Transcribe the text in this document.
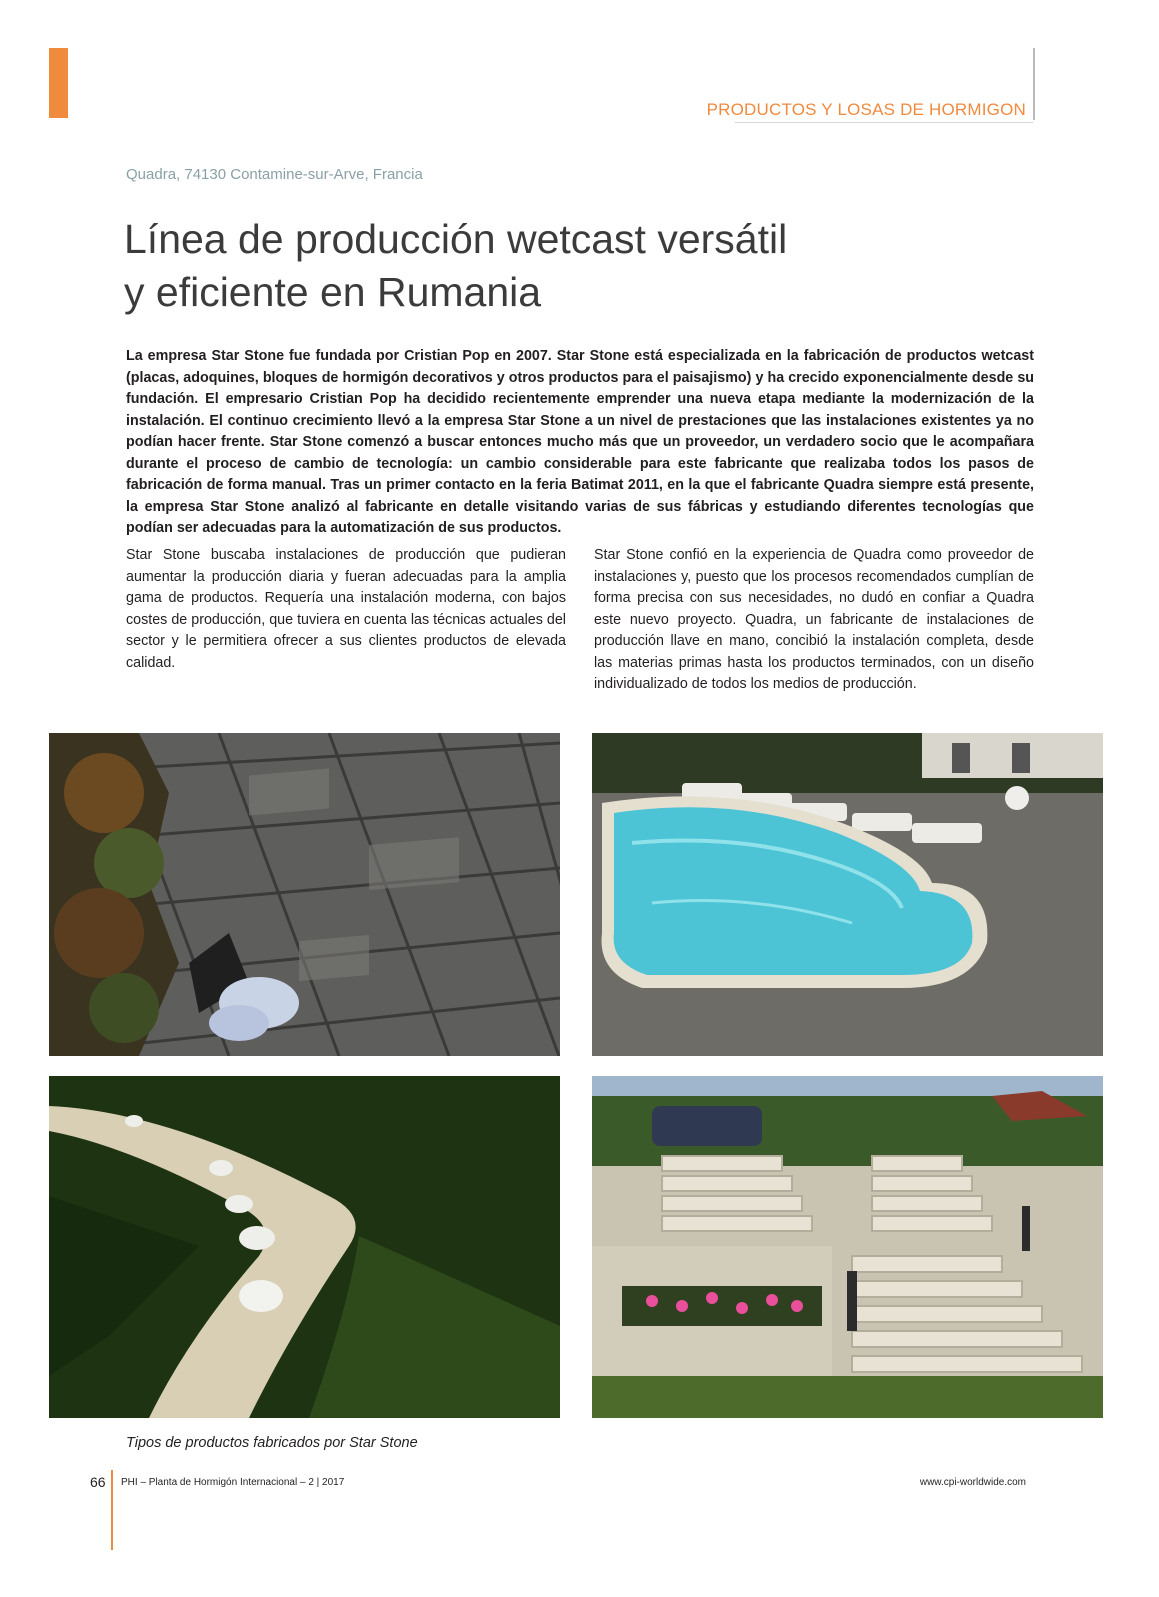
PRODUCTOS Y LOSAS DE HORMIGON
Quadra, 74130 Contamine-sur-Arve, Francia
Línea de producción wetcast versátil
y eficiente en Rumania

La empresa Star Stone fue fundada por Cristian Pop en 2007. Star Stone está especializada en la fabricación de productos wetcast (placas, adoquines, bloques de hormigón decorativos y otros productos para el paisajismo) y ha crecido exponencialmente desde su fundación. El empresario Cristian Pop ha decidido recientemente emprender una nueva etapa mediante la modernización de la instalación. El continuo crecimiento llevó a la empresa Star Stone a un nivel de prestaciones que las instalaciones existentes ya no podían hacer frente. Star Stone comenzó a buscar entonces mucho más que un proveedor, un verdadero socio que le acompañara durante el proceso de cambio de tecnología: un cambio considerable para este fabricante que realizaba todos los pasos de fabricación de forma manual. Tras un primer contacto en la feria Batimat 2011, en la que el fabricante Quadra siempre está presente, la empresa Star Stone analizó al fabricante en detalle visitando varias de sus fábricas y estudiando diferentes tecnologías que podían ser adecuadas para la automatización de sus productos.

Star Stone buscaba instalaciones de producción que pudieran aumentar la producción diaria y fueran adecuadas para la amplia gama de productos. Requería una instalación moderna, con bajos costes de producción, que tuviera en cuenta las técnicas actuales del sector y le permitiera ofrecer a sus clientes productos de elevada calidad.

Star Stone confió en la experiencia de Quadra como proveedor de instalaciones y, puesto que los procesos recomendados cumplían de forma precisa con sus necesidades, no dudó en confiar a Quadra este nuevo proyecto. Quadra, un fabricante de instalaciones de producción llave en mano, concibió la instalación completa, desde las materias primas hasta los productos terminados, con un diseño individualizado de todos los medios de producción.

Tipos de productos fabricados por Star Stone
66 PHI – Planta de Hormigón Internacional – 2 | 2017	www.cpi-worldwide.com
